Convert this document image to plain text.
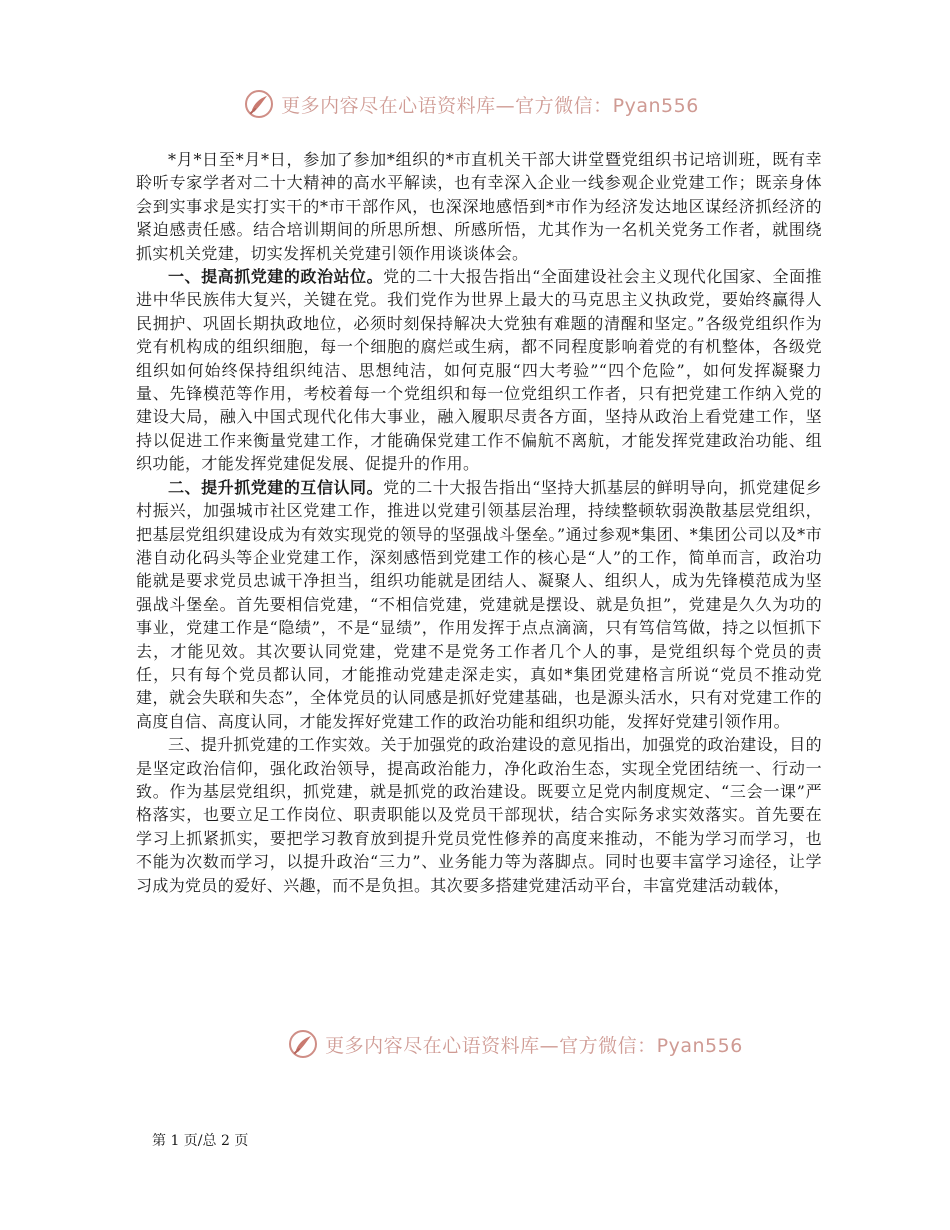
更多内容尽在心语资料库—官方微信：Pyan556

*月*日至*月*日，参加了参加*组织的*市直机关干部大讲堂暨党组织书记培训班，既有幸聆听专家学者对二十大精神的高水平解读，也有幸深入企业一线参观企业党建工作；既亲身体会到实事求是实打实干的*市干部作风，也深深地感悟到*市作为经济发达地区谋经济抓经济的紧迫感责任感。结合培训期间的所思所想、所感所悟，尤其作为一名机关党务工作者，就围绕抓实机关党建，切实发挥机关党建引领作用谈谈体会。

一、提高抓党建的政治站位。党的二十大报告指出“全面建设社会主义现代化国家、全面推进中华民族伟大复兴，关键在党。我们党作为世界上最大的马克思主义执政党，要始终赢得人民拥护、巩固长期执政地位，必须时刻保持解决大党独有难题的清醒和坚定。”各级党组织作为党有机构成的组织细胞，每一个细胞的腐烂或生病，都不同程度影响着党的有机整体，各级党组织如何始终保持组织纯洁、思想纯洁，如何克服“四大考验”“四个危险”，如何发挥凝聚力量、先锋模范等作用，考校着每一个党组织和每一位党组织工作者，只有把党建工作纳入党的建设大局，融入中国式现代化伟大事业，融入履职尽责各方面，坚持从政治上看党建工作，坚持以促进工作来衡量党建工作，才能确保党建工作不偏航不离航，才能发挥党建政治功能、组织功能，才能发挥党建促发展、促提升的作用。

二、提升抓党建的互信认同。党的二十大报告指出“坚持大抓基层的鲜明导向，抓党建促乡村振兴，加强城市社区党建工作，推进以党建引领基层治理，持续整顿软弱涣散基层党组织，把基层党组织建设成为有效实现党的领导的坚强战斗堡垒。”通过参观*集团、*集团公司以及*市港自动化码头等企业党建工作，深刻感悟到党建工作的核心是“人”的工作，简单而言，政治功能就是要求党员忠诚干净担当，组织功能就是团结人、凝聚人、组织人，成为先锋模范成为坚强战斗堡垒。首先要相信党建，“不相信党建，党建就是摆设、就是负担”，党建是久久为功的事业，党建工作是“隐绩”，不是“显绩”，作用发挥于点点滴滴，只有笃信笃做，持之以恒抓下去，才能见效。其次要认同党建，党建不是党务工作者几个人的事，是党组织每个党员的责任，只有每个党员都认同，才能推动党建走深走实，真如*集团党建格言所说“党员不推动党建，就会失联和失态”，全体党员的认同感是抓好党建基础，也是源头活水，只有对党建工作的高度自信、高度认同，才能发挥好党建工作的政治功能和组织功能，发挥好党建引领作用。

三、提升抓党建的工作实效。关于加强党的政治建设的意见指出，加强党的政治建设，目的是坚定政治信仰，强化政治领导，提高政治能力，净化政治生态，实现全党团结统一、行动一致。作为基层党组织，抓党建，就是抓党的政治建设。既要立足党内制度规定、“三会一课”严格落实，也要立足工作岗位、职责职能以及党员干部现状，结合实际务求实效落实。首先要在学习上抓紧抓实，要把学习教育放到提升党员党性修养的高度来推动，不能为学习而学习，也不能为次数而学习，以提升政治“三力”、业务能力等为落脚点。同时也要丰富学习途径，让学习成为党员的爱好、兴趣，而不是负担。其次要多搭建党建活动平台，丰富党建活动载体，

更多内容尽在心语资料库—官方微信：Pyan556
第 1 页/总 2 页
